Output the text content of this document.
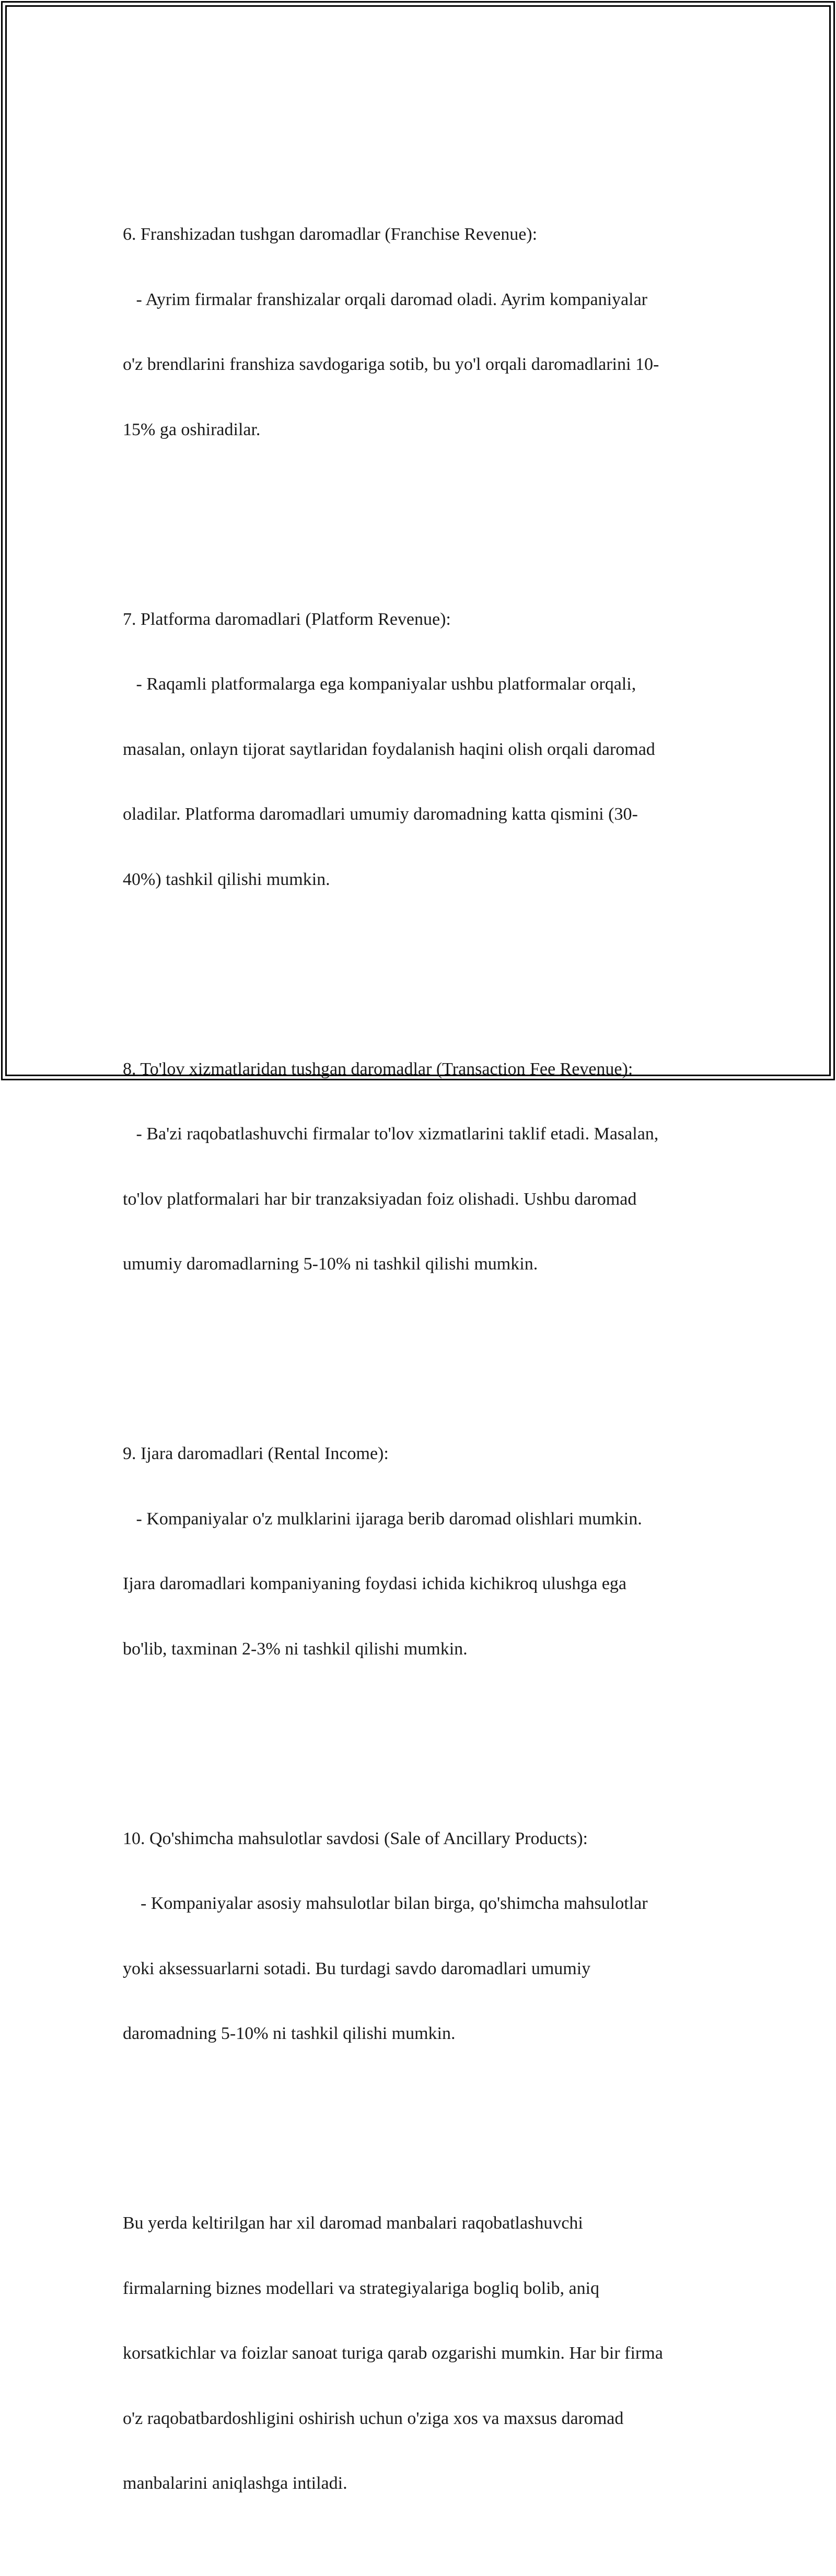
6. Franshizadan tushgan daromadlar (Franchise Revenue):

- Ayrim firmalar franshizalar orqali daromad oladi. Ayrim kompaniyalar

o'z brendlarini franshiza savdogariga sotib, bu yo'l orqali daromadlarini 10-

15% ga oshiradilar.

7. Platforma daromadlari (Platform Revenue):

- Raqamli platformalarga ega kompaniyalar ushbu platformalar orqali,

masalan, onlayn tijorat saytlaridan foydalanish haqini olish orqali daromad

oladilar. Platforma daromadlari umumiy daromadning katta qismini (30-

40%) tashkil qilishi mumkin.

8. To'lov xizmatlaridan tushgan daromadlar (Transaction Fee Revenue):

- Ba'zi raqobatlashuvchi firmalar to'lov xizmatlarini taklif etadi. Masalan,

to'lov platformalari har bir tranzaksiyadan foiz olishadi. Ushbu daromad

umumiy daromadlarning 5-10% ni tashkil qilishi mumkin.

9. Ijara daromadlari (Rental Income):

- Kompaniyalar o'z mulklarini ijaraga berib daromad olishlari mumkin.

Ijara daromadlari kompaniyaning foydasi ichida kichikroq ulushga ega

bo'lib, taxminan 2-3% ni tashkil qilishi mumkin.

10. Qo'shimcha mahsulotlar savdosi (Sale of Ancillary Products):

- Kompaniyalar asosiy mahsulotlar bilan birga, qo'shimcha mahsulotlar

yoki aksessuarlarni sotadi. Bu turdagi savdo daromadlari umumiy

daromadning 5-10% ni tashkil qilishi mumkin.

Bu yerda keltirilgan har xil daromad manbalari raqobatlashuvchi

firmalarning biznes modellari va strategiyalariga bogliq bolib, aniq

korsatkichlar va foizlar sanoat turiga qarab ozgarishi mumkin. Har bir firma

o'z raqobatbardoshligini oshirish uchun o'ziga xos va maxsus daromad

manbalarini aniqlashga intiladi.
